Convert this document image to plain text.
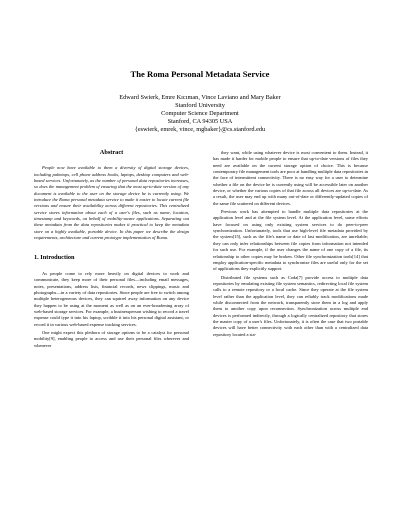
The Roma Personal Metadata Service
Edward Swierk, Emre Kıcıman, Vince Laviano and Mary Baker
Stanford University
Computer Science Department
Stanford, CA 94305 USA
{eswierk, emrek, vince, mgbaker}@cs.stanford.edu
Abstract

People now have available to them a diversity of digital storage devices, including palmtops, cell phone address books, laptops, desktop computers and web-based services. Unfortunately, as the number of personal data repositories increases, so does the management problem of ensuring that the most up-to-date version of any document is available to the user on the storage device he is currently using. We introduce the Roma personal metadata service to make it easier to locate current file versions and ensure their availability across different repositories. This centralized service stores information about each of a user's files, such as name, location, timestamp and keywords, on behalf of mobility-aware applications. Separating out these metadata from the data repositories makes it practical to keep the metadata store on a highly available, portable device. In this paper we describe the design requirements, architecture and current prototype implementation of Roma.

1. Introduction

As people come to rely more heavily on digital devices to work and communicate, they keep more of their personal files—including email messages, notes, presentations, address lists, financial records, news clippings, music and photographs—in a variety of data repositories. Since people are free to switch among multiple heterogeneous devices, they can squirrel away information on any device they happen to be using at the moment as well as on an ever-broadening array of web-based storage services. For example, a businessperson wishing to record a travel expense could type it into his laptop, scribble it into his personal digital assistant, or record it in various web-based expense tracking services.

One might expect this plethora of storage options to be a catalyst for personal mobility[9], enabling people to access and use their personal files wherever and whenever

they want, while using whatever device is most convenient to them. Instead, it has made it harder for mobile people to ensure that up-to-date versions of files they need are available on the current storage option of choice. This is because contemporary file management tools are poor at handling multiple data repositories in the face of intermittent connectivity. There is no easy way for a user to determine whether a file on the device he is currently using will be accessible later on another device, or whether the various copies of that file across all devices are up-to-date. As a result, the user may end up with many out-of-date or differently-updated copies of the same file scattered on different devices.

Previous work has attempted to handle multiple data repositories at the application level and at the file system level. At the application level, some efforts have focused on using only existing system services to do peer-to-peer synchronization. Unfortunately, tools that use high-level file metadata provided by the system[15], such as the file's name or date of last modification, are unreliable; they can only infer relationships between file copies from information not intended for such use. For example, if the user changes the name of one copy of a file, its relationship to other copies may be broken. Other file synchronization tools[14] that employ application-specific metadata to synchronize files are useful only for the set of applications they explicitly support.

Distributed file systems such as Coda[7] provide access to multiple data repositories by emulating existing file system semantics, redirecting local file system calls to a remote repository or a local cache. Since they operate at the file system level rather than the application level, they can reliably track modifications made while disconnected from the network, transparently store them in a log and apply them to another copy upon reconnection. Synchronization across multiple end devices is performed indirectly, through a logically centralized repository that stores the master copy of a user's files. Unfortunately, it is often the case that two portable devices will have better connectivity with each other than with a centralized data repository located a sta-
